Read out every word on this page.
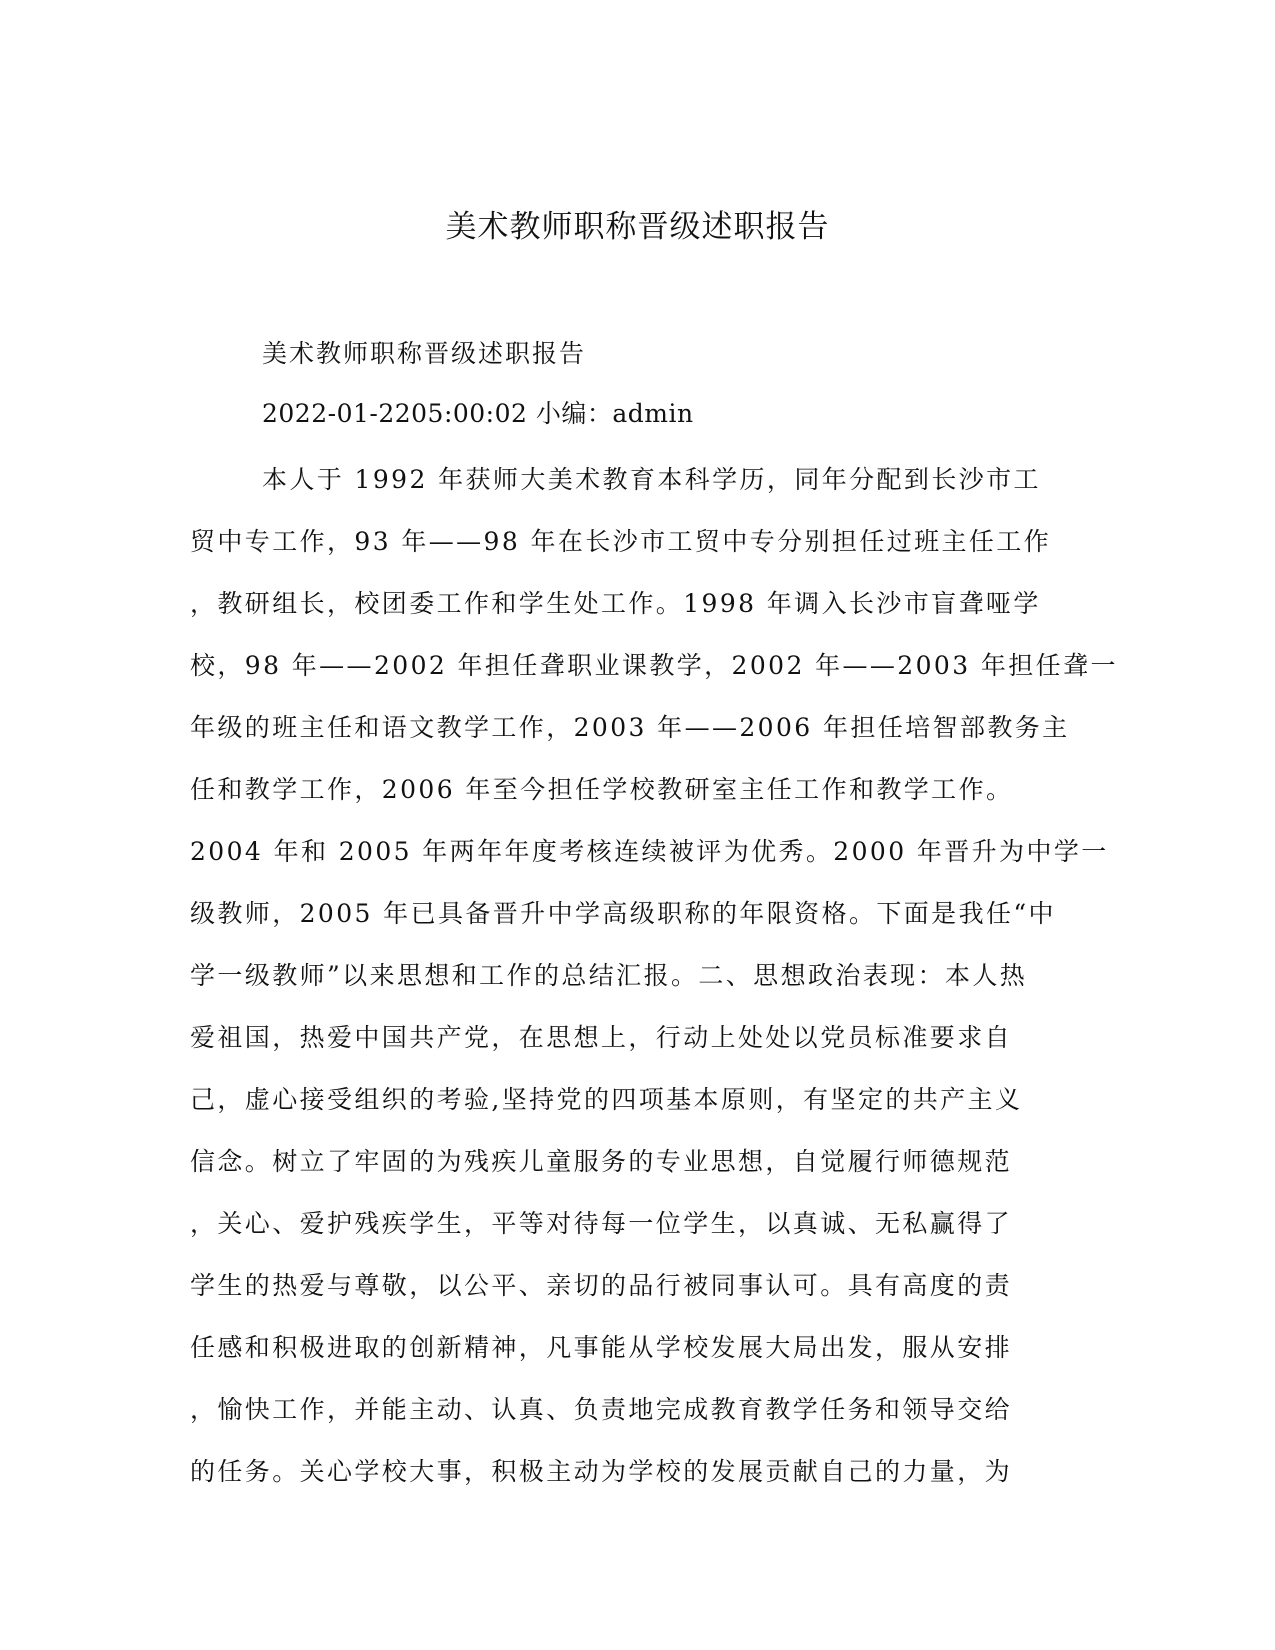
美术教师职称晋级述职报告

美术教师职称晋级述职报告

2022-01-2205:00:02 小编：admin

本人于 1992 年获师大美术教育本科学历，同年分配到长沙市工
贸中专工作，93 年——98 年在长沙市工贸中专分别担任过班主任工作
，教研组长，校团委工作和学生处工作。1998 年调入长沙市盲聋哑学
校，98 年——2002 年担任聋职业课教学，2002 年——2003 年担任聋一
年级的班主任和语文教学工作，2003 年——2006 年担任培智部教务主
任和教学工作，2006 年至今担任学校教研室主任工作和教学工作。
2004 年和 2005 年两年年度考核连续被评为优秀。2000 年晋升为中学一
级教师，2005 年已具备晋升中学高级职称的年限资格。下面是我任“中
学一级教师”以来思想和工作的总结汇报。二、思想政治表现：本人热
爱祖国，热爱中国共产党，在思想上，行动上处处以党员标准要求自
己，虚心接受组织的考验,坚持党的四项基本原则，有坚定的共产主义
信念。树立了牢固的为残疾儿童服务的专业思想，自觉履行师德规范
，关心、爱护残疾学生，平等对待每一位学生，以真诚、无私赢得了
学生的热爱与尊敬，以公平、亲切的品行被同事认可。具有高度的责
任感和积极进取的创新精神，凡事能从学校发展大局出发，服从安排
，愉快工作，并能主动、认真、负责地完成教育教学任务和领导交给
的任务。关心学校大事，积极主动为学校的发展贡献自己的力量，为
